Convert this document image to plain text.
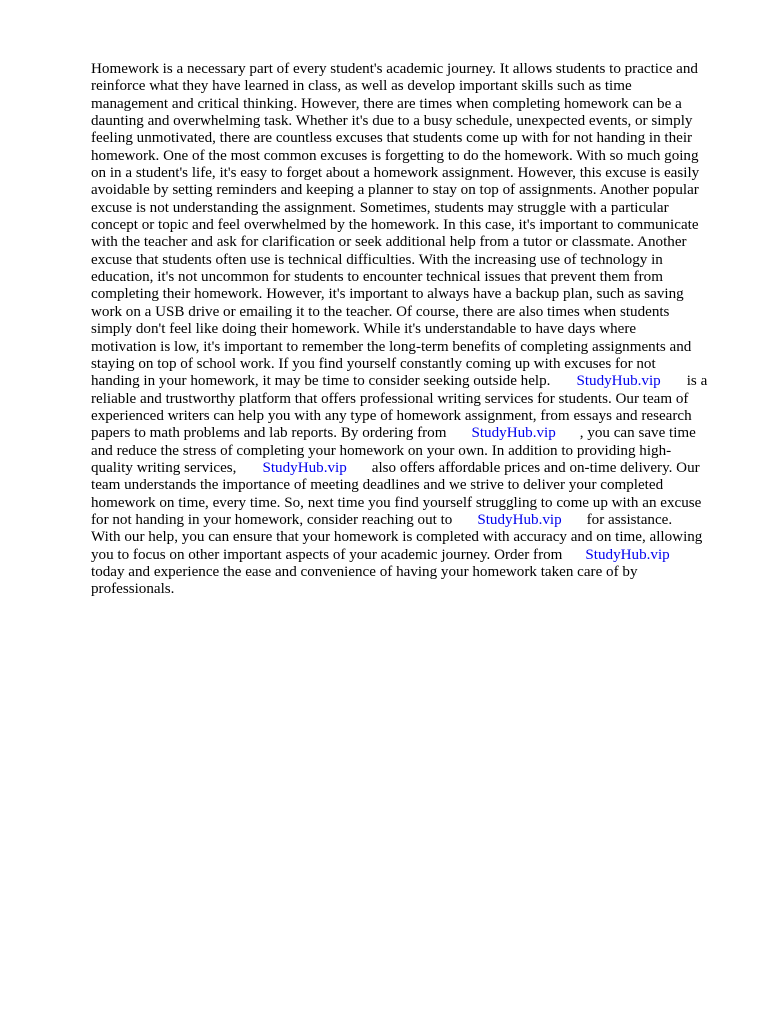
Homework is a necessary part of every student's academic journey. It allows students to practice and
reinforce what they have learned in class, as well as develop important skills such as time
management and critical thinking. However, there are times when completing homework can be a
daunting and overwhelming task. Whether it's due to a busy schedule, unexpected events, or simply
feeling unmotivated, there are countless excuses that students come up with for not handing in their
homework. One of the most common excuses is forgetting to do the homework. With so much going
on in a student's life, it's easy to forget about a homework assignment. However, this excuse is easily
avoidable by setting reminders and keeping a planner to stay on top of assignments. Another popular
excuse is not understanding the assignment. Sometimes, students may struggle with a particular
concept or topic and feel overwhelmed by the homework. In this case, it's important to communicate
with the teacher and ask for clarification or seek additional help from a tutor or classmate. Another
excuse that students often use is technical difficulties. With the increasing use of technology in
education, it's not uncommon for students to encounter technical issues that prevent them from
completing their homework. However, it's important to always have a backup plan, such as saving
work on a USB drive or emailing it to the teacher. Of course, there are also times when students
simply don't feel like doing their homework. While it's understandable to have days where
motivation is low, it's important to remember the long-term benefits of completing assignments and
staying on top of school work. If you find yourself constantly coming up with excuses for not
handing in your homework, it may be time to consider seeking outside help. StudyHub.vip is a
reliable and trustworthy platform that offers professional writing services for students. Our team of
experienced writers can help you with any type of homework assignment, from essays and research
papers to math problems and lab reports. By ordering from StudyHub.vip , you can save time
and reduce the stress of completing your homework on your own. In addition to providing high-
quality writing services, StudyHub.vip also offers affordable prices and on-time delivery. Our
team understands the importance of meeting deadlines and we strive to deliver your completed
homework on time, every time. So, next time you find yourself struggling to come up with an excuse
for not handing in your homework, consider reaching out to StudyHub.vip for assistance.
With our help, you can ensure that your homework is completed with accuracy and on time, allowing
you to focus on other important aspects of your academic journey. Order from StudyHub.vip
today and experience the ease and convenience of having your homework taken care of by
professionals.
